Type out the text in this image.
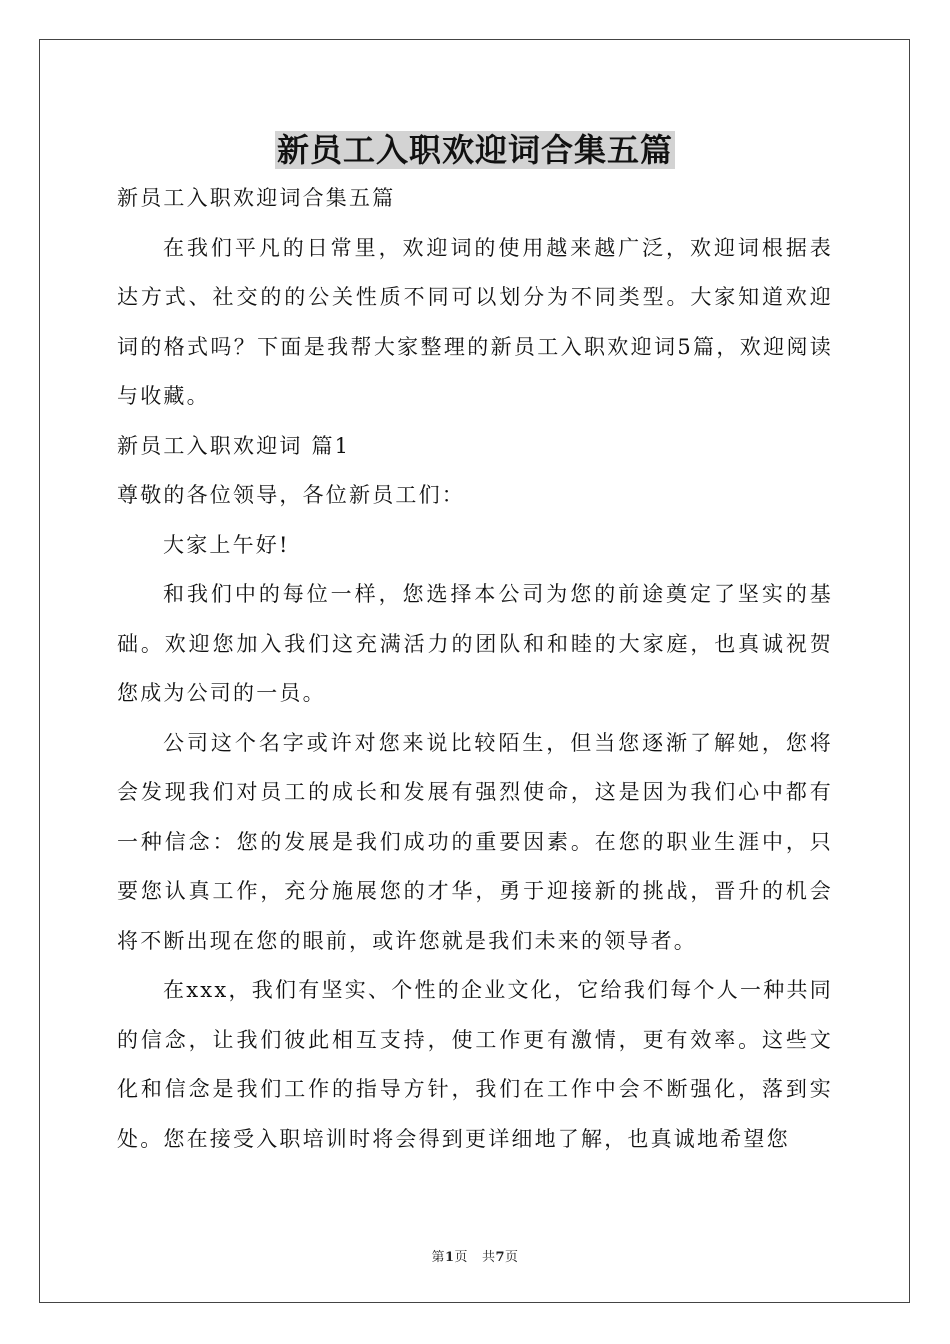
新员工入职欢迎词合集五篇

新员工入职欢迎词合集五篇

在我们平凡的日常里，欢迎词的使用越来越广泛，欢迎词根据表达方式、社交的的公关性质不同可以划分为不同类型。大家知道欢迎词的格式吗？下面是我帮大家整理的新员工入职欢迎词5篇，欢迎阅读与收藏。

新员工入职欢迎词 篇1

尊敬的各位领导，各位新员工们：

大家上午好!

和我们中的每位一样，您选择本公司为您的前途奠定了坚实的基础。欢迎您加入我们这充满活力的团队和和睦的大家庭，也真诚祝贺您成为公司的一员。

公司这个名字或许对您来说比较陌生，但当您逐渐了解她，您将会发现我们对员工的成长和发展有强烈使命，这是因为我们心中都有一种信念：您的发展是我们成功的重要因素。在您的职业生涯中，只要您认真工作，充分施展您的才华，勇于迎接新的挑战，晋升的机会将不断出现在您的眼前，或许您就是我们未来的领导者。

在xxx，我们有坚实、个性的企业文化，它给我们每个人一种共同的信念，让我们彼此相互支持，使工作更有激情，更有效率。这些文化和信念是我们工作的指导方针，我们在工作中会不断强化，落到实处。您在接受入职培训时将会得到更详细地了解，也真诚地希望您

第1页 共7页
